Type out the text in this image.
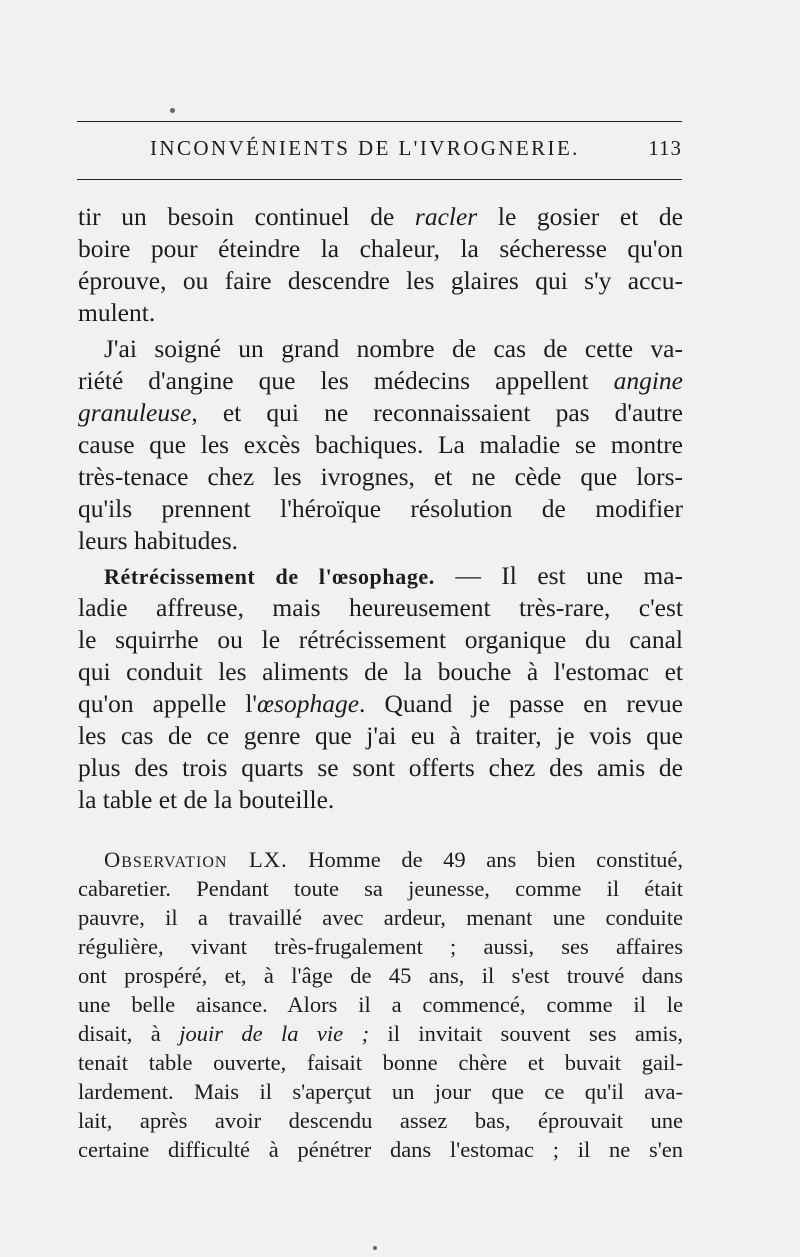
INCONVÉNIENTS DE L'IVROGNERIE.	113
tir un besoin continuel de racler le gosier et de
boire pour éteindre la chaleur, la sécheresse qu'on
éprouve, ou faire descendre les glaires qui s'y accu-
mulent.
J'ai soigné un grand nombre de cas de cette va-
riété d'angine que les médecins appellent angine
granuleuse, et qui ne reconnaissaient pas d'autre
cause que les excès bachiques. La maladie se montre
très-tenace chez les ivrognes, et ne cède que lors-
qu'ils prennent l'héroïque résolution de modifier
leurs habitudes.
Rétrécissement de l'œsophage. — Il est une ma-
ladie affreuse, mais heureusement très-rare, c'est
le squirrhe ou le rétrécissement organique du canal
qui conduit les aliments de la bouche à l'estomac et
qu'on appelle l'œsophage. Quand je passe en revue
les cas de ce genre que j'ai eu à traiter, je vois que
plus des trois quarts se sont offerts chez des amis de
la table et de la bouteille.
Observation LX. Homme de 49 ans bien constitué,
cabaretier. Pendant toute sa jeunesse, comme il était
pauvre, il a travaillé avec ardeur, menant une conduite
régulière, vivant très-frugalement ; aussi, ses affaires
ont prospéré, et, à l'âge de 45 ans, il s'est trouvé dans
une belle aisance. Alors il a commencé, comme il le
disait, à jouir de la vie ; il invitait souvent ses amis,
tenait table ouverte, faisait bonne chère et buvait gail-
lardement. Mais il s'aperçut un jour que ce qu'il ava-
lait, après avoir descendu assez bas, éprouvait une
certaine difficulté à pénétrer dans l'estomac ; il ne s'en
